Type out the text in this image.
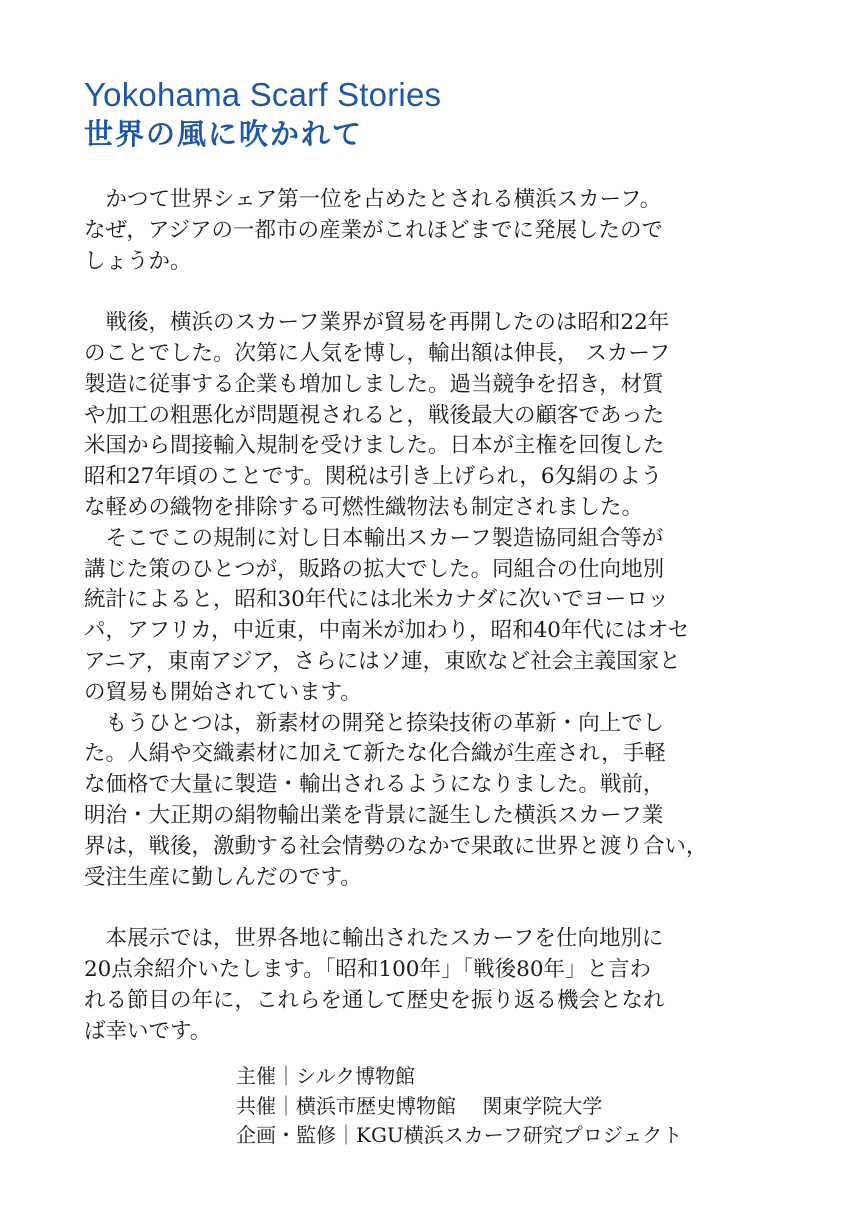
Yokohama Scarf Stories
世界の風に吹かれて

かつて世界シェア第一位を占めたとされる横浜スカーフ。
なぜ，アジアの一都市の産業がこれほどまでに発展したので
しょうか。

戦後，横浜のスカーフ業界が貿易を再開したのは昭和22年
のことでした。次第に人気を博し，輸出額は伸長， スカーフ
製造に従事する企業も増加しました。過当競争を招き，材質
や加工の粗悪化が問題視されると，戦後最大の顧客であった
米国から間接輸入規制を受けました。日本が主権を回復した
昭和27年頃のことです。関税は引き上げられ，6匁絹のよう
な軽めの織物を排除する可燃性織物法も制定されました。

そこでこの規制に対し日本輸出スカーフ製造協同組合等が
講じた策のひとつが，販路の拡大でした。同組合の仕向地別
統計によると，昭和30年代には北米カナダに次いでヨーロッ
パ，アフリカ，中近東，中南米が加わり，昭和40年代にはオセ
アニア，東南アジア，さらにはソ連，東欧など社会主義国家と
の貿易も開始されています。

もうひとつは，新素材の開発と捺染技術の革新・向上でし
た。人絹や交織素材に加えて新たな化合織が生産され，手軽
な価格で大量に製造・輸出されるようになりました。戦前，
明治・大正期の絹物輸出業を背景に誕生した横浜スカーフ業
界は，戦後，激動する社会情勢のなかで果敢に世界と渡り合い，
受注生産に勤しんだのです。

本展示では，世界各地に輸出されたスカーフを仕向地別に
20点余紹介いたします。「昭和100年」「戦後80年」と言わ
れる節目の年に，これらを通して歴史を振り返る機会となれ
ば幸いです。

主催｜シルク博物館
共催｜横浜市歴史博物館　 関東学院大学
企画・監修｜KGU横浜スカーフ研究プロジェクト
